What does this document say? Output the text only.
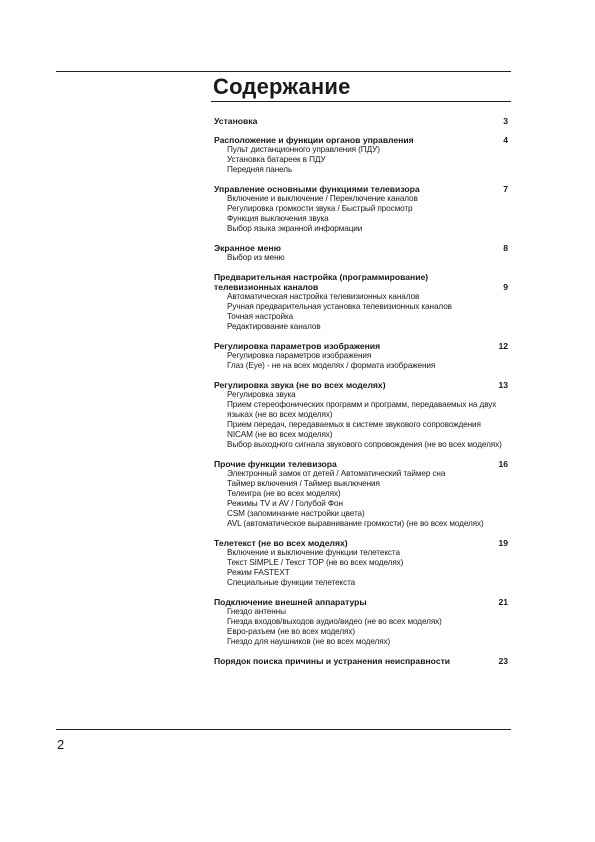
Содержание
Установка	3
Расположение и функции органов управления	4
Пульт дистанционного управления (ПДУ)
Установка батареек в ПДУ
Передняя панель
Управление основными функциями телевизора	7
Включение и выключение / Переключение каналов
Регулировка громкости звука / Быстрый просмотр
Функция выключения звука
Выбор языка экранной информации
Экранное меню	8
Выбор из меню
Предварительная настройка (программирование) телевизионных каналов	9
Автоматическая настройка телевизионных каналов
Ручная предварительная установка телевизионных каналов
Точная настройка
Редактирование каналов
Регулировка параметров изображения	12
Регулировка параметров изображения
Глаз (Eye) - не на всех моделях / формата изображения
Регулировка звука (не во всех моделях)	13
Регулировка звука
Прием стереофонических программ и программ, передаваемых на двух языках (не во всех моделях)
Прием передач, передаваемых в системе звукового сопровождения NICAM (не во всех моделях)
Выбор выходного сигнала звукового сопровождения (не во всех моделях)
Прочие функции телевизора	16
Электронный замок от детей / Автоматический таймер сна
Таймер включения / Таймер выключения
Телеигра (не во всех моделях)
Режимы TV и AV / Голубой Фон
CSM (запоминание настройки цвета)
AVL (автоматическое выравнивание громкости) (не во всех моделях)
Телетекст (не во всех моделях)	19
Включение и выключение функции телетекста
Текст SIMPLE / Текст TOP (не во всех моделях)
Режим FASTEXT
Специальные функции телетекста
Подключение внешней аппаратуры	21
Гнездо антенны
Гнезда входов/выходов аудио/видео (не во всех моделях)
Евро-разъем (не во всех моделях)
Гнездо для наушников (не во всех моделях)
Порядок поиска причины и устранения неисправности	23
2
